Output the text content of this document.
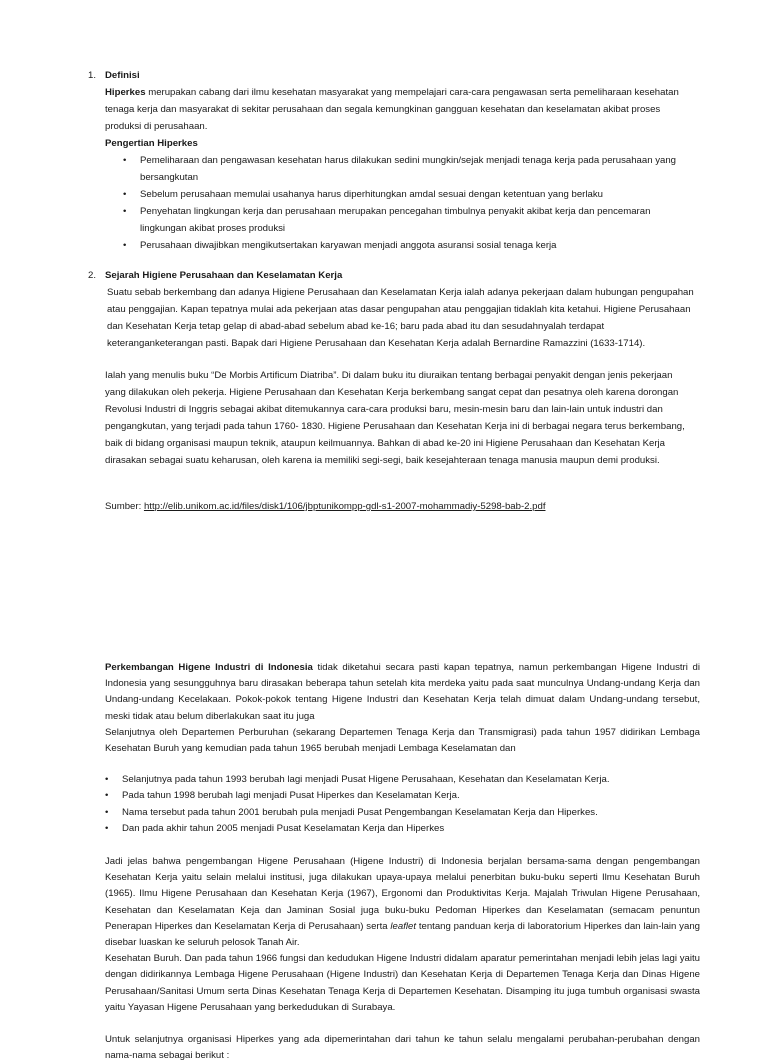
1. Definisi

Hiperkes merupakan cabang dari ilmu kesehatan masyarakat yang mempelajari cara-cara pengawasan serta pemeliharaan kesehatan tenaga kerja dan masyarakat di sekitar perusahaan dan segala kemungkinan gangguan kesehatan dan keselamatan akibat proses produksi di perusahaan.

Pengertian Hiperkes

• Pemeliharaan dan pengawasan kesehatan harus dilakukan sedini mungkin/sejak menjadi tenaga kerja pada perusahaan yang bersangkutan
• Sebelum perusahaan memulai usahanya harus diperhitungkan amdal sesuai dengan ketentuan yang berlaku
• Penyehatan lingkungan kerja dan perusahaan merupakan pencegahan timbulnya penyakit akibat kerja dan pencemaran lingkungan akibat proses produksi
• Perusahaan diwajibkan mengikutsertakan karyawan menjadi anggota asuransi sosial tenaga kerja
2. Sejarah Higiene Perusahaan dan Keselamatan Kerja

Suatu sebab berkembang dan adanya Higiene Perusahaan dan Keselamatan Kerja ialah adanya pekerjaan dalam hubungan pengupahan atau penggajian. Kapan tepatnya mulai ada pekerjaan atas dasar pengupahan atau penggajian tidaklah kita ketahui. Higiene Perusahaan dan Kesehatan Kerja tetap gelap di abad-abad sebelum abad ke-16; baru pada abad itu dan sesudahnyalah terdapat keteranganketerangan pasti. Bapak dari Higiene Perusahaan dan Kesehatan Kerja adalah Bernardine Ramazzini (1633-1714).

Ialah yang menulis buku “De Morbis Artificum Diatriba”. Di dalam buku itu diuraikan tentang berbagai penyakit dengan jenis pekerjaan yang dilakukan oleh pekerja. Higiene Perusahaan dan Kesehatan Kerja berkembang sangat cepat dan pesatnya oleh karena dorongan Revolusi Industri di Inggris sebagai akibat ditemukannya cara-cara produksi baru, mesin-mesin baru dan lain-lain untuk industri dan pengangkutan, yang terjadi pada tahun 1760- 1830. Higiene Perusahaan dan Kesehatan Kerja ini di berbagai negara terus berkembang, baik di bidang organisasi maupun teknik, ataupun keilmuannya. Bahkan di abad ke-20 ini Higiene Perusahaan dan Kesehatan Kerja dirasakan sebagai suatu keharusan, oleh karena ia memiliki segi-segi, baik kesejahteraan tenaga manusia maupun demi produksi.

Sumber: http://elib.unikom.ac.id/files/disk1/106/jbptunikompp-gdl-s1-2007-mohammadiy-5298-bab-2.pdf

Perkembangan Higene Industri di Indonesia tidak diketahui secara pasti kapan tepatnya, namun perkembangan Higene Industri di Indonesia yang sesungguhnya baru dirasakan beberapa tahun setelah kita merdeka yaitu pada saat munculnya Undang-undang Kerja dan Undang-undang Kecelakaan. Pokok-pokok tentang Higene Industri dan Kesehatan Kerja telah dimuat dalam Undang-undang tersebut, meski tidak atau belum diberlakukan saat itu juga

Selanjutnya oleh Departemen Perburuhan (sekarang Departemen Tenaga Kerja dan Transmigrasi) pada tahun 1957 didirikan Lembaga Kesehatan Buruh yang kemudian pada tahun 1965 berubah menjadi Lembaga Keselamatan dan

• Selanjutnya pada tahun 1993 berubah lagi menjadi Pusat Higene Perusahaan, Kesehatan dan Keselamatan Kerja.
• Pada tahun 1998 berubah lagi menjadi Pusat Hiperkes dan Keselamatan Kerja.
• Nama tersebut pada tahun 2001 berubah pula menjadi Pusat Pengembangan Keselamatan Kerja dan Hiperkes.
• Dan pada akhir tahun 2005 menjadi Pusat Keselamatan Kerja dan Hiperkes

Jadi jelas bahwa pengembangan Higene Perusahaan (Higene Industri) di Indonesia berjalan bersama-sama dengan pengembangan Kesehatan Kerja yaitu selain melalui institusi, juga dilakukan upaya-upaya melalui penerbitan buku-buku seperti Ilmu Kesehatan Buruh (1965). Ilmu Higene Perusahaan dan Kesehatan Kerja (1967), Ergonomi dan Produktivitas Kerja. Majalah Triwulan Higene Perusahaan, Kesehatan dan Keselamatan Keja dan Jaminan Sosial juga buku-buku Pedoman Hiperkes dan Keselamatan (semacam penuntun Penerapan Hiperkes dan Keselamatan Kerja di Perusahaan) serta leaflet tentang panduan kerja di laboratorium Hiperkes dan lain-lain yang disebar luaskan ke seluruh pelosok Tanah Air.

Kesehatan Buruh. Dan pada tahun 1966 fungsi dan kedudukan Higene Industri didalam aparatur pemerintahan menjadi lebih jelas lagi yaitu dengan didirikannya Lembaga Higene Perusahaan (Higene Industri) dan Kesehatan Kerja di Departemen Tenaga Kerja dan Dinas Higene Perusahaan/Sanitasi Umum serta Dinas Kesehatan Tenaga Kerja di Departemen Kesehatan. Disamping itu juga tumbuh organisasi swasta yaitu Yayasan Higene Perusahaan yang berkedudukan di Surabaya.

Untuk selanjutnya organisasi Hiperkes yang ada dipemerintahan dari tahun ke tahun selalu mengalami perubahan-perubahan dengan nama-nama sebagai berikut :
